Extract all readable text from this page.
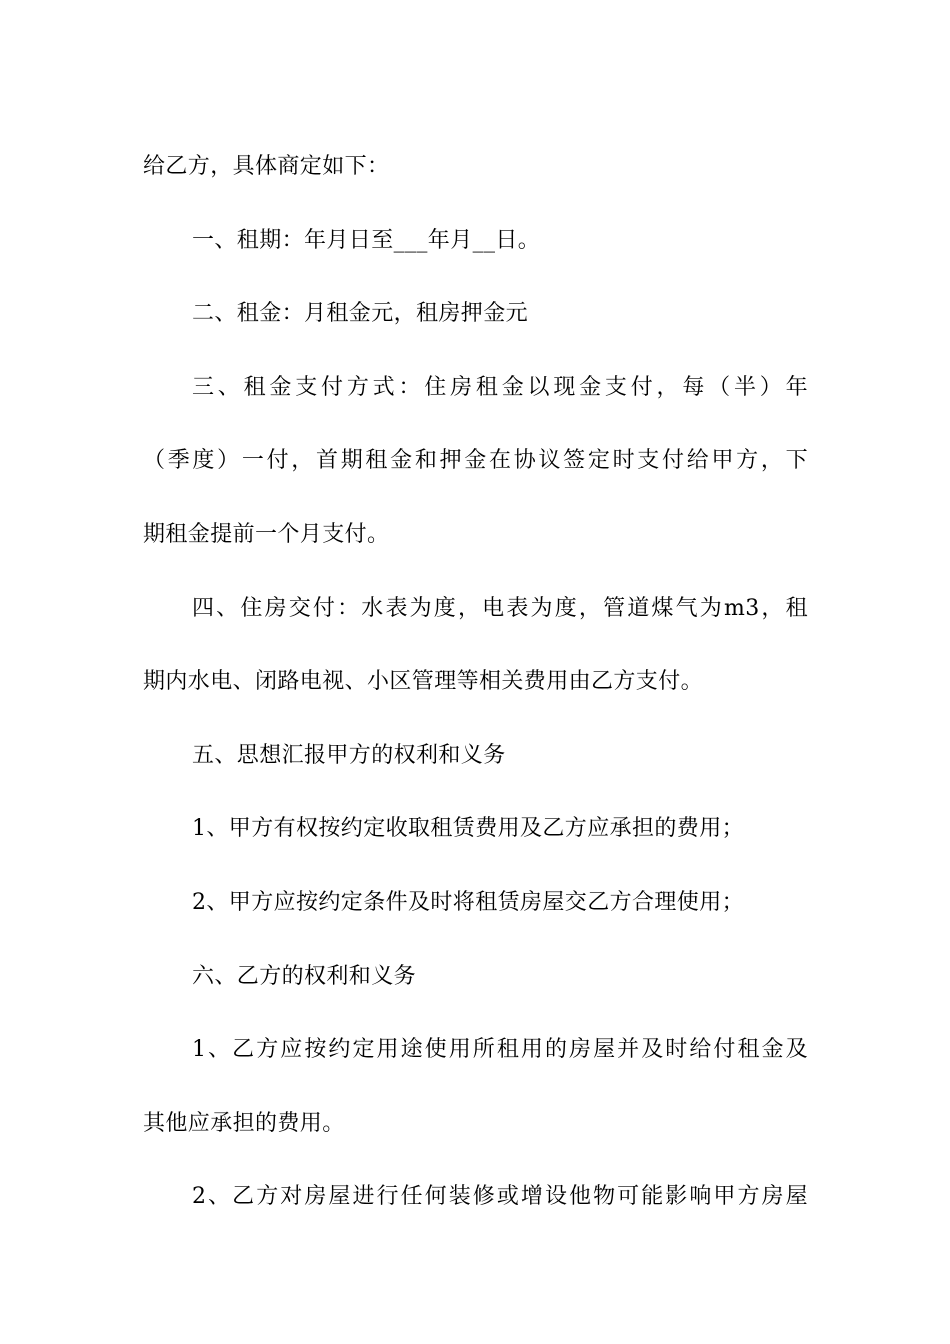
给乙方，具体商定如下：
一、租期：年月日至___年月__日。
二、租金：月租金元，租房押金元
三、租金支付方式：住房租金以现金支付，每（半）年
（季度）一付，首期租金和押金在协议签定时支付给甲方，下
期租金提前一个月支付。
四、住房交付：水表为度，电表为度，管道煤气为m3，租
期内水电、闭路电视、小区管理等相关费用由乙方支付。
五、思想汇报甲方的权利和义务
1、甲方有权按约定收取租赁费用及乙方应承担的费用；
2、甲方应按约定条件及时将租赁房屋交乙方合理使用；
六、乙方的权利和义务
1、乙方应按约定用途使用所租用的房屋并及时给付租金及
其他应承担的费用。
2、乙方对房屋进行任何装修或增设他物可能影响甲方房屋
